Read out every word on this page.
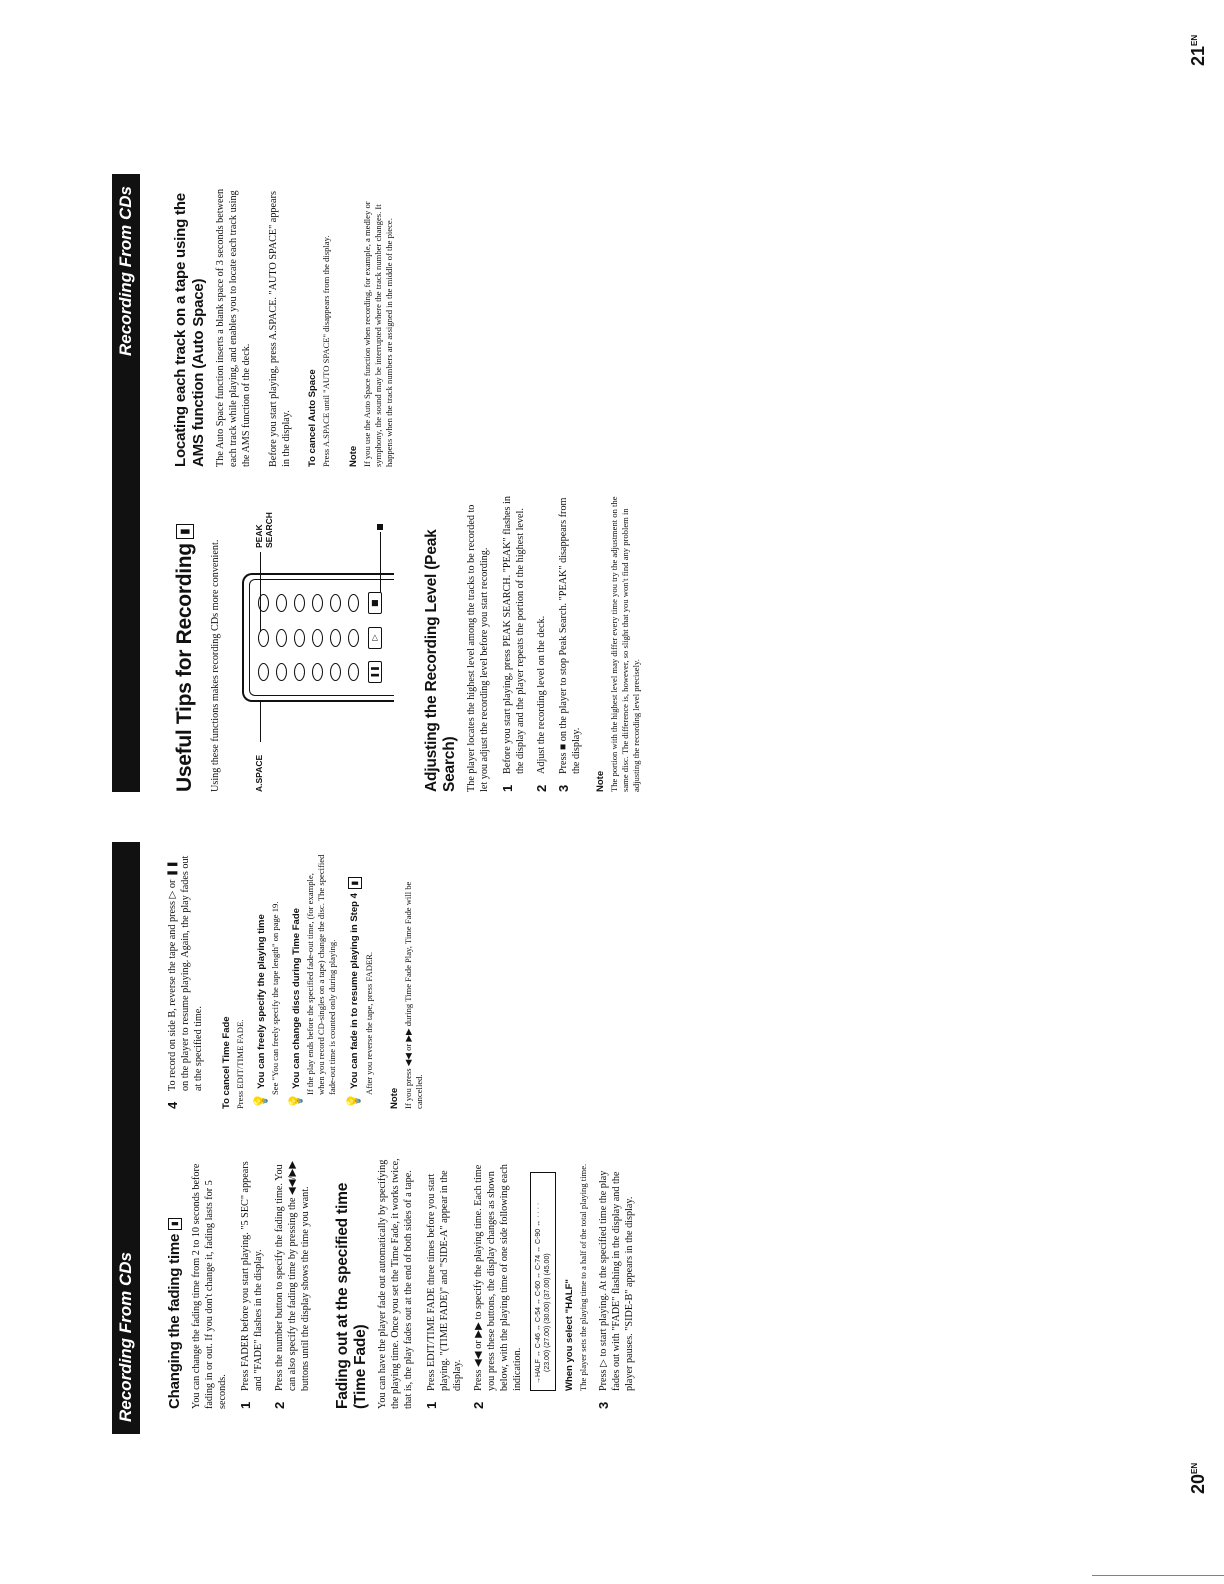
Recording From CDs	Changing the fading time▮	You can change the fading time from 2 to 10 seconds before fading in or out. If you don't change it, fading lasts for 5 seconds. 1
Press FADER before you start playing. "5 SEC" appears and "FADE" flashes in the display.
2
Press the number button to specify the fading time. You can also specify the fading time by pressing the ◀◀/▶▶ buttons until the display shows the time you want. Fading out at the specified time (Time Fade) You can have the player fade out automatically by specifying the playing time. Once you set the Time Fade, it works twice, that is, the play fades out at the end of both sides of a tape. 1
Press EDIT/TIME FADE three times before you start playing. "(TIME FADE)" and "SIDE-A" appear in the display.
2
Press ◀◀ or ▶▶ to specify the playing time. Each time you press these buttons, the display changes as shown below, with the playing time of one side following each indication. →HALF ↔ C-46 ↔ C-54 ↔ C-60 ↔ C-74 ↔ C-90 ↔ · · · · (23.00) (27.00) (30.00) (37.00) (45.00) When you select "HALF" The player sets the playing time to a half of the total playing time.
3
Press ▷ to start playing. At the specified time the play fades out with "FADE" flashing in the display and the player pauses. "SIDE-B" appears in the display.
4
To record on side B, reverse the tape and press ▷ or ❚❚ on the player to resume playing. Again, the play fades out at the specified time. To cancel Time Fade Press EDIT/TIME FADE. 💡
You can freely specify the playing time See "You can freely specify the tape length" on page 19.
💡
You can change discs during Time Fade If the play ends before the specified fade-out time, (for example, when you record CD-singles on a tape) change the disc. The specified fade-out time is counted only during playing.
💡
You can fade in to resume playing in Step 4
▮
After you reverse the tape, press FADER.
Note If you press ◀◀ or ▶▶ during Time Fade Play, Time Fade will be cancelled.
$20^{EN}$
Recording From CDs
Useful Tips for Recording▮
Using these functions makes recording CDs more convenient.	❚❚
▷
■
A.SPACE
PEAK SEARCH	Adjusting the Recording Level (Peak Search) The player locates the highest level among the tracks to be recorded to let you adjust the recording level before you start recording. 1
Before you start playing, press PEAK SEARCH. "PEAK" flashes in the display and the player repeats the portion of the highest level.
2
Adjust the recording level on the deck.
3
Press ■ on the player to stop Peak Search. "PEAK" disappears from the display.
Note The portion with the highest level may differ every time you try the adjustment on the same disc. The difference is, however, so slight that you won't find any problem in adjusting the recording level precisely.
Locating each track on a tape using the AMS function (Auto Space) The Auto Space function inserts a blank space of 3 seconds between each track while playing, and enables you to locate each track using the AMS function of the deck. Before you start playing, press A.SPACE. "AUTO SPACE" appears in the display. To cancel Auto Space Press A.SPACE until "AUTO SPACE" disappears from the display. Note If you use the Auto Space function when recording, for example, a medley or symphony, the sound may be interrupted where the track number changes. It happens when the track numbers are assigned in the middle of the piece.
$21^{EN}$
